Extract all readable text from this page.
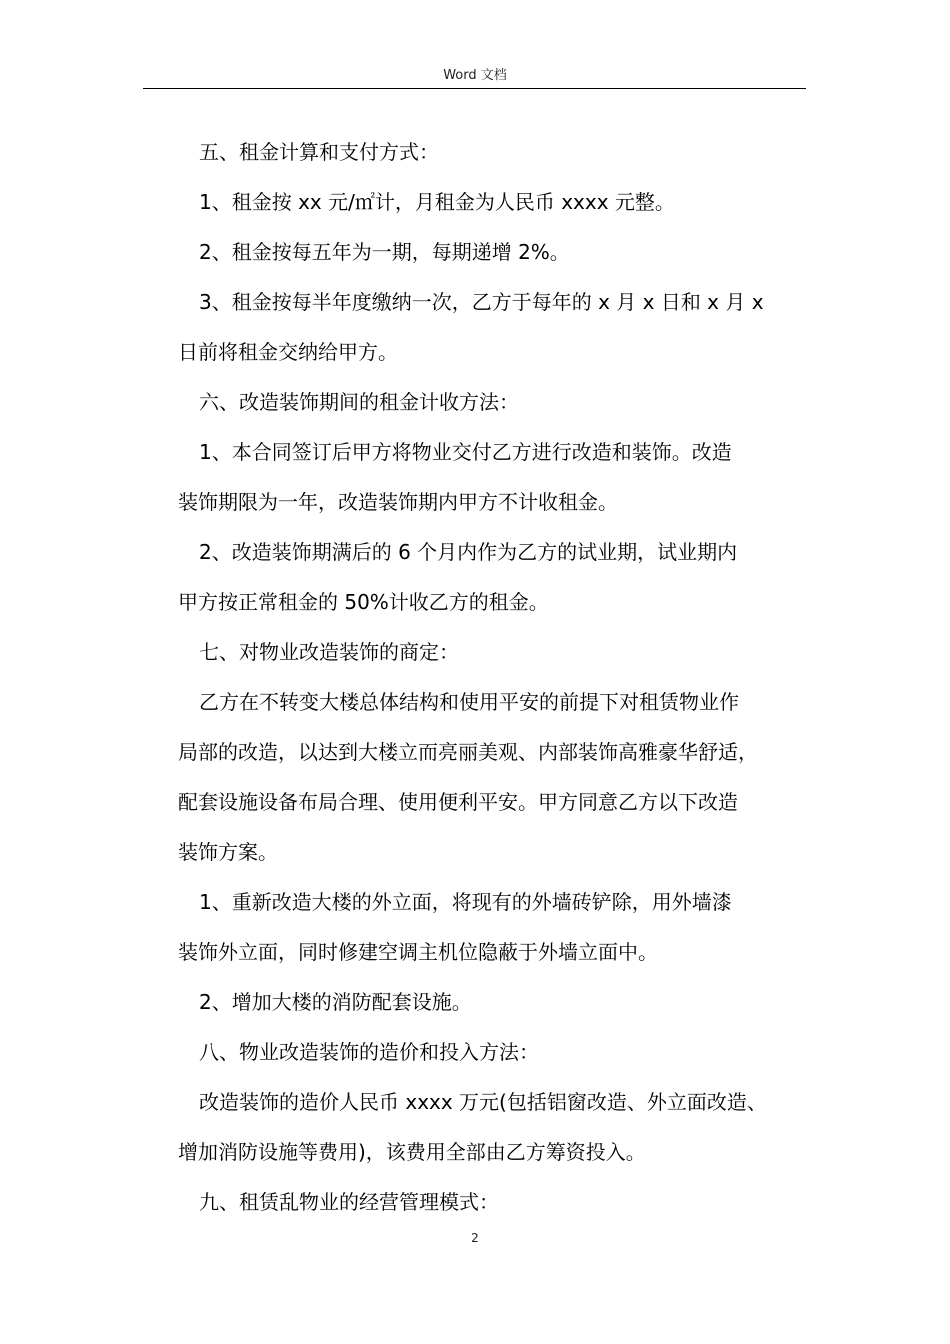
Word 文档
五、租金计算和支付方式：
1、租金按 xx 元/㎡计，月租金为人民币 xxxx 元整。
2、租金按每五年为一期，每期递增 2%。
3、租金按每半年度缴纳一次，乙方于每年的 x 月 x 日和 x 月 x
日前将租金交纳给甲方。
六、改造装饰期间的租金计收方法：
1、本合同签订后甲方将物业交付乙方进行改造和装饰。改造
装饰期限为一年，改造装饰期内甲方不计收租金。
2、改造装饰期满后的 6 个月内作为乙方的试业期，试业期内
甲方按正常租金的 50%计收乙方的租金。
七、对物业改造装饰的商定：
乙方在不转变大楼总体结构和使用平安的前提下对租赁物业作
局部的改造，以达到大楼立而亮丽美观、内部装饰高雅豪华舒适，
配套设施设备布局合理、使用便利平安。甲方同意乙方以下改造
装饰方案。
1、重新改造大楼的外立面，将现有的外墙砖铲除，用外墙漆
装饰外立面，同时修建空调主机位隐蔽于外墙立面中。
2、增加大楼的消防配套设施。
八、物业改造装饰的造价和投入方法：
改造装饰的造价人民币 xxxx 万元(包括铝窗改造、外立面改造、
增加消防设施等费用)，该费用全部由乙方筹资投入。
九、租赁乱物业的经营管理模式：
2
